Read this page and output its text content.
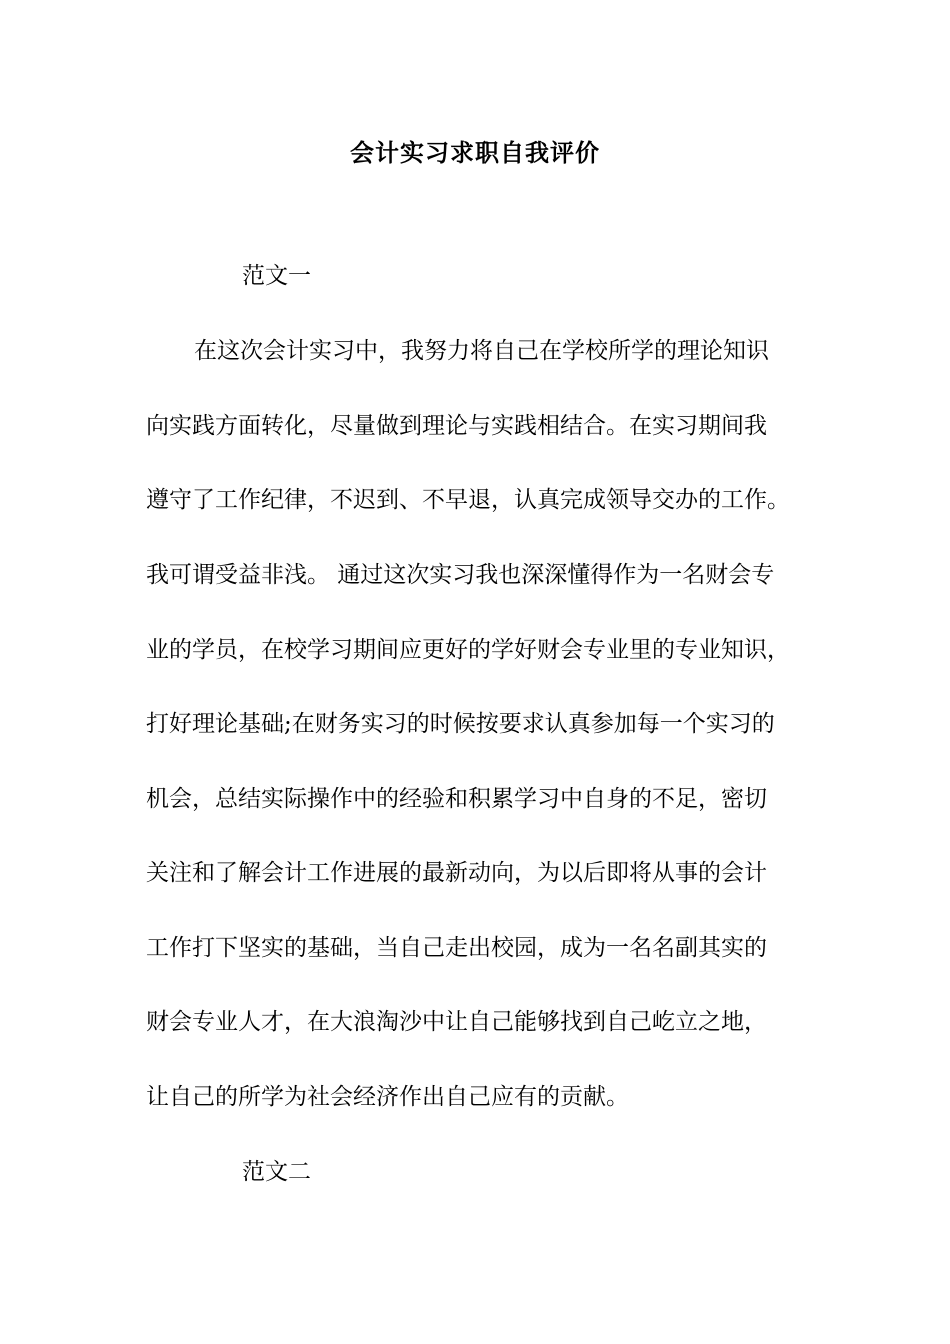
会计实习求职自我评价
范文一
在这次会计实习中，我努力将自己在学校所学的理论知识
向实践方面转化，尽量做到理论与实践相结合。在实习期间我
遵守了工作纪律，不迟到、不早退，认真完成领导交办的工作。
我可谓受益非浅。 通过这次实习我也深深懂得作为一名财会专
业的学员，在校学习期间应更好的学好财会专业里的专业知识，
打好理论基础;在财务实习的时候按要求认真参加每一个实习的
机会，总结实际操作中的经验和积累学习中自身的不足，密切
关注和了解会计工作进展的最新动向，为以后即将从事的会计
工作打下坚实的基础，当自己走出校园，成为一名名副其实的
财会专业人才，在大浪淘沙中让自己能够找到自己屹立之地，
让自己的所学为社会经济作出自己应有的贡献。
范文二
